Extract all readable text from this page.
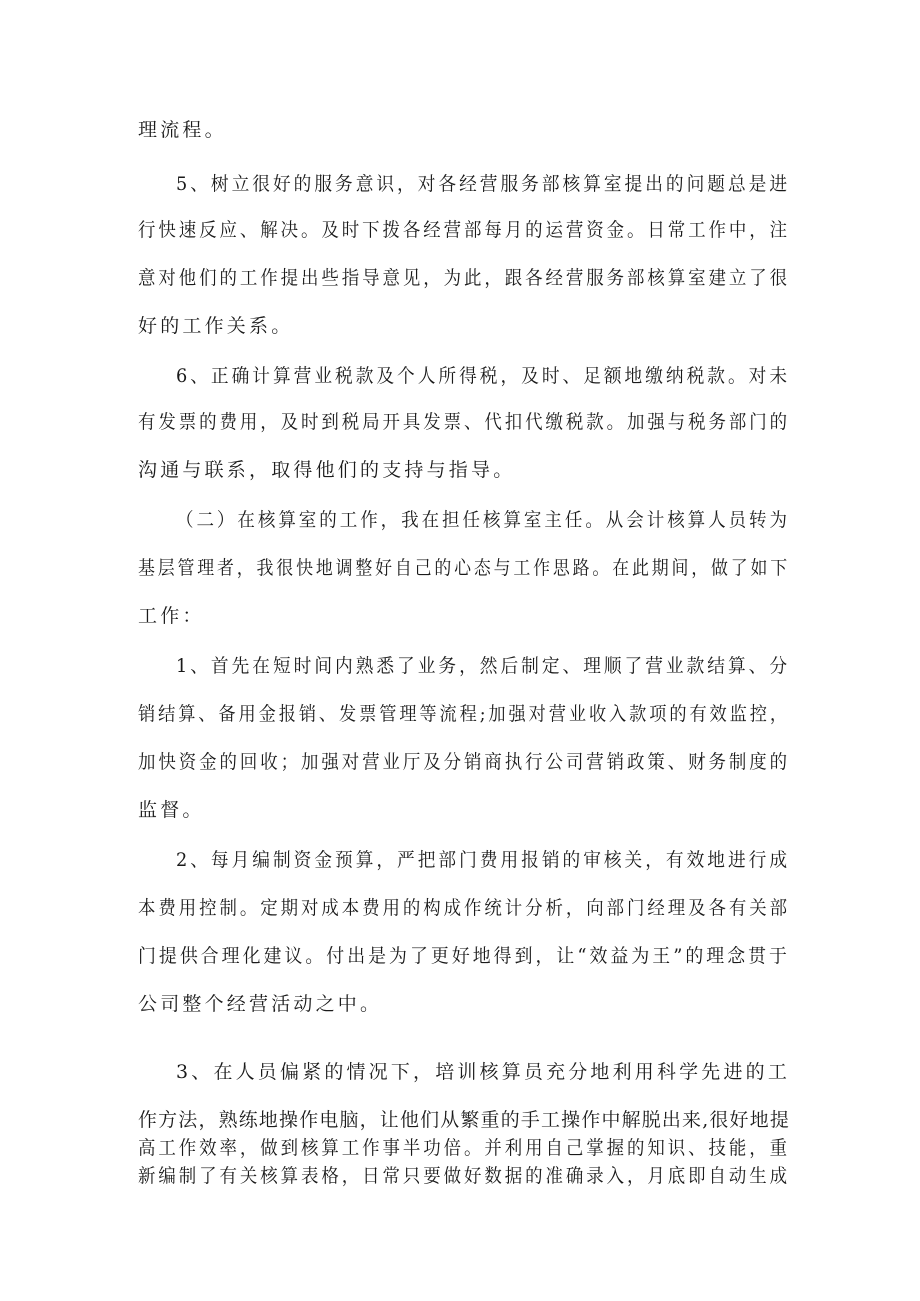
理流程。

5、树立很好的服务意识，对各经营服务部核算室提出的问题总是进

行快速反应、解决。及时下拨各经营部每月的运营资金。日常工作中，注

意对他们的工作提出些指导意见，为此，跟各经营服务部核算室建立了很

好的工作关系。

6、正确计算营业税款及个人所得税，及时、足额地缴纳税款。对未

有发票的费用，及时到税局开具发票、代扣代缴税款。加强与税务部门的

沟通与联系，取得他们的支持与指导。

（二）在核算室的工作，我在担任核算室主任。从会计核算人员转为

基层管理者，我很快地调整好自己的心态与工作思路。在此期间，做了如下

工作：

1、首先在短时间内熟悉了业务，然后制定、理顺了营业款结算、分

销结算、备用金报销、发票管理等流程;加强对营业收入款项的有效监控，

加快资金的回收；加强对营业厅及分销商执行公司营销政策、财务制度的

监督。

2、每月编制资金预算，严把部门费用报销的审核关，有效地进行成

本费用控制。定期对成本费用的构成作统计分析，向部门经理及各有关部

门提供合理化建议。付出是为了更好地得到，让“效益为王”的理念贯于

公司整个经营活动之中。

3、在人员偏紧的情况下，培训核算员充分地利用科学先进的工

作方法，熟练地操作电脑，让他们从繁重的手工操作中解脱出来,很好地提

高工作效率，做到核算工作事半功倍。并利用自己掌握的知识、技能，重

新编制了有关核算表格，日常只要做好数据的准确录入，月底即自动生成
